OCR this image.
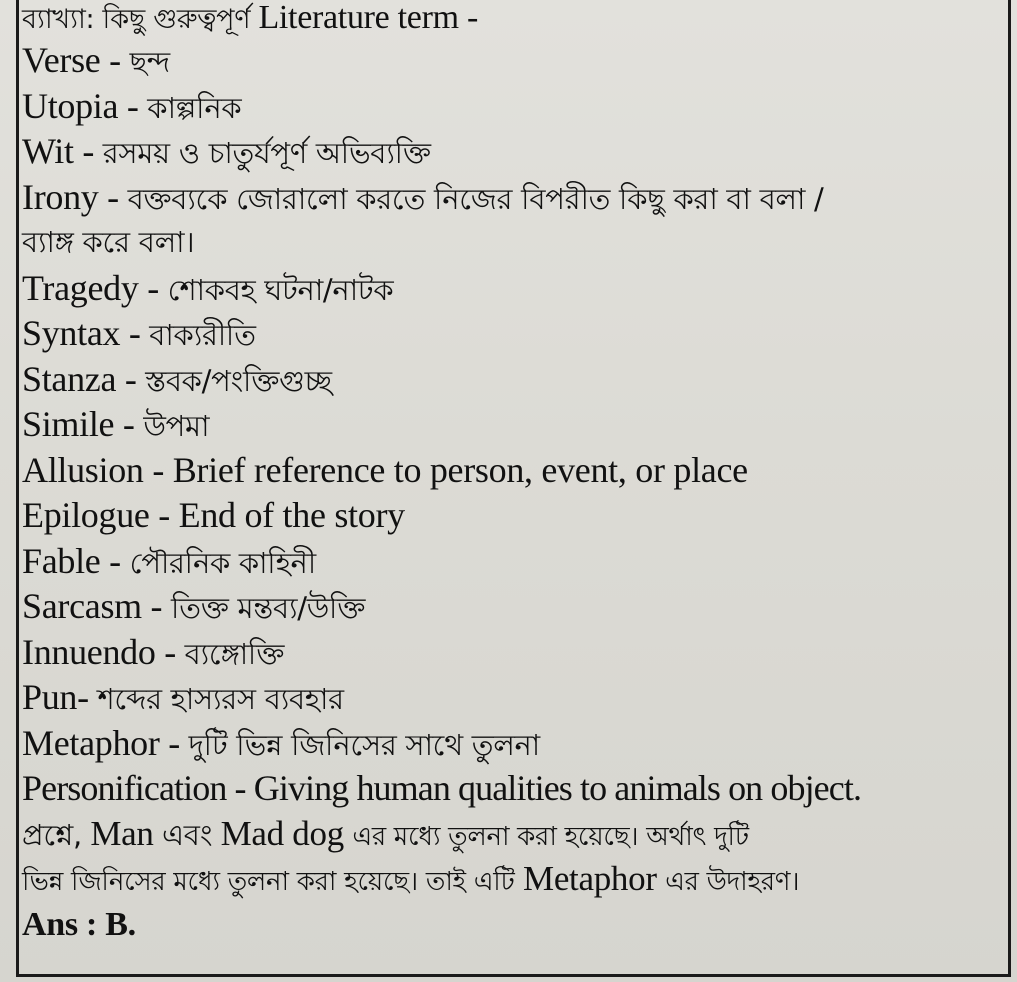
ব্যাখ্যা: কিছু গুরুত্বপূর্ণ Literature term -
Verse - ছন্দ
Utopia - কাল্পনিক
Wit - রসময় ও চাতুর্যপূর্ণ অভিব্যক্তি
Irony - বক্তব্যকে জোরালো করতে নিজের বিপরীত কিছু করা বা বলা /
ব্যাঙ্গ করে বলা।
Tragedy - শোকবহ ঘটনা/নাটক
Syntax - বাক্যরীতি
Stanza - স্তবক/পংক্তিগুচ্ছ
Simile - উপমা
Allusion - Brief reference to person, event, or place
Epilogue - End of the story
Fable - পৌরনিক কাহিনী
Sarcasm - তিক্ত মন্তব্য/উক্তি
Innuendo - ব্যঙ্গোক্তি
Pun- শব্দের হাস্যরস ব্যবহার
Metaphor - দুটি ভিন্ন জিনিসের সাথে তুলনা
Personification - Giving human qualities to animals on object.
প্রশ্নে, Man এবং Mad dog এর মধ্যে তুলনা করা হয়েছে। অর্থাৎ দুটি
ভিন্ন জিনিসের মধ্যে তুলনা করা হয়েছে। তাই এটি Metaphor এর উদাহরণ।
Ans : B.
